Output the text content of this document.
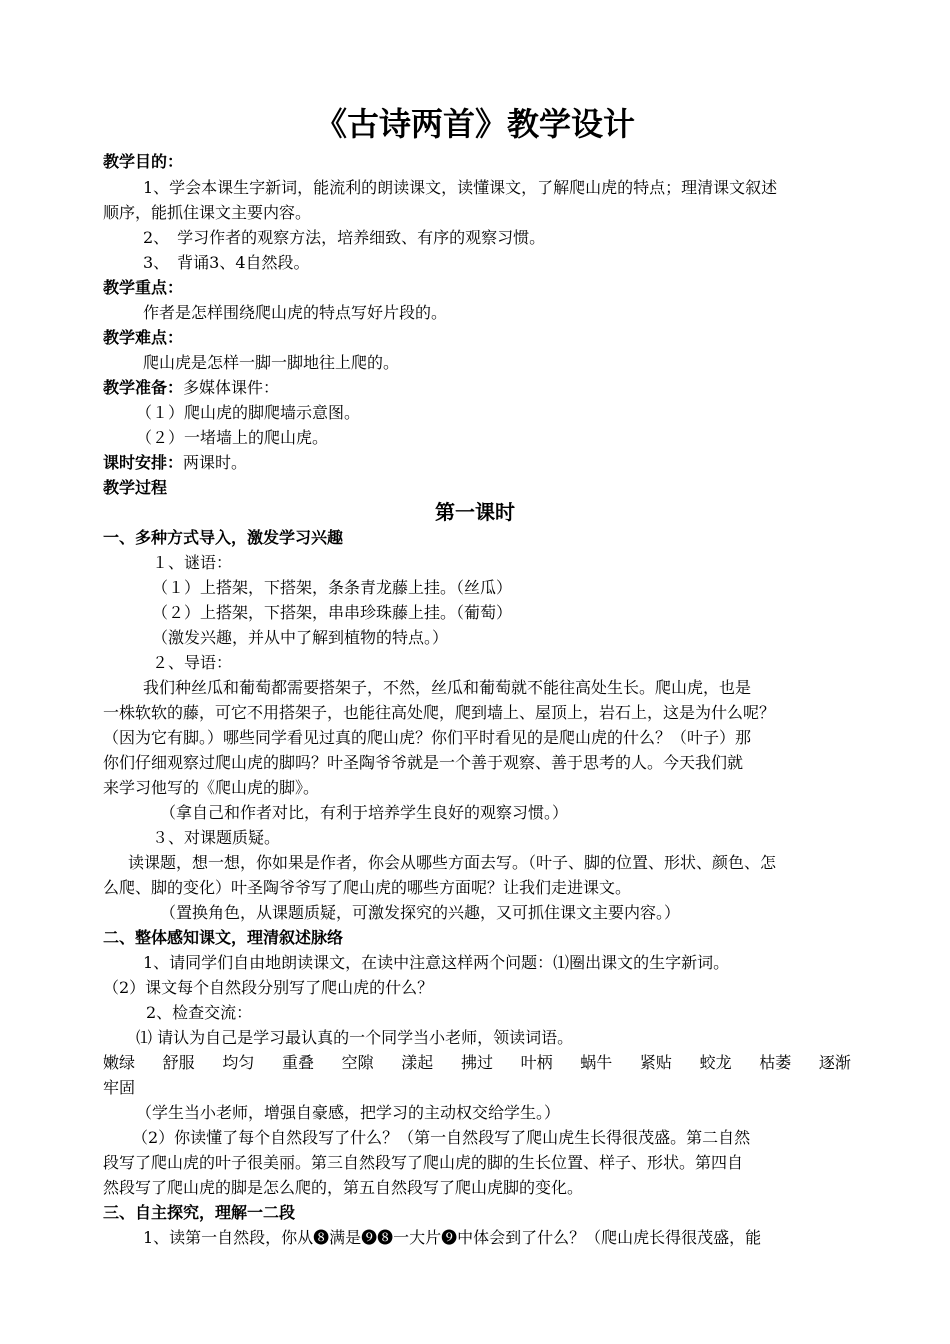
《古诗两首》教学设计
教学目的：
1、学会本课生字新词，能流利的朗读课文，读懂课文，了解爬山虎的特点；理清课文叙述
顺序，能抓住课文主要内容。
2、　学习作者的观察方法，培养细致、有序的观察习惯。
3、　背诵3、4自然段。
教学重点：
作者是怎样围绕爬山虎的特点写好片段的。
教学难点：
爬山虎是怎样一脚一脚地往上爬的。
教学准备：多媒体课件：
（１）爬山虎的脚爬墙示意图。
（２）一堵墙上的爬山虎。
课时安排：两课时。
教学过程
第一课时
一、多种方式导入，激发学习兴趣
１、谜语：
（１）上搭架，下搭架，条条青龙藤上挂。（丝瓜）
（２）上搭架，下搭架，串串珍珠藤上挂。（葡萄）
（激发兴趣，并从中了解到植物的特点。）
２、导语：
我们种丝瓜和葡萄都需要搭架子，不然，丝瓜和葡萄就不能往高处生长。爬山虎，也是
一株软软的藤，可它不用搭架子，也能往高处爬，爬到墙上、屋顶上，岩石上，这是为什么呢？
（因为它有脚。）哪些同学看见过真的爬山虎？你们平时看见的是爬山虎的什么？（叶子）那
你们仔细观察过爬山虎的脚吗？叶圣陶爷爷就是一个善于观察、善于思考的人。今天我们就
来学习他写的《爬山虎的脚》。
（拿自己和作者对比，有利于培养学生良好的观察习惯。）
３、对课题质疑。
读课题，想一想，你如果是作者，你会从哪些方面去写。（叶子、脚的位置、形状、颜色、怎
么爬、脚的变化）叶圣陶爷爷写了爬山虎的哪些方面呢？让我们走进课文。
（置换角色，从课题质疑，可激发探究的兴趣，又可抓住课文主要内容。）
二、整体感知课文，理清叙述脉络
1、请同学们自由地朗读课文，在读中注意这样两个问题：⑴圈出课文的生字新词。
（2）课文每个自然段分别写了爬山虎的什么？
2、检查交流：
⑴ 请认为自己是学习最认真的一个同学当小老师，领读词语。
嫩绿 舒服 均匀 重叠 空隙 漾起 拂过 叶柄 蜗牛 紧贴 蛟龙 枯萎 逐渐
牢固
（学生当小老师，增强自豪感，把学习的主动权交给学生。）
（2）你读懂了每个自然段写了什么？（第一自然段写了爬山虎生长得很茂盛。第二自然
段写了爬山虎的叶子很美丽。第三自然段写了爬山虎的脚的生长位置、样子、形状。第四自
然段写了爬山虎的脚是怎么爬的，第五自然段写了爬山虎脚的变化。
三、自主探究，理解一二段
1、读第一自然段，你从❽满是❾❽一大片❾中体会到了什么？（爬山虎长得很茂盛，能
